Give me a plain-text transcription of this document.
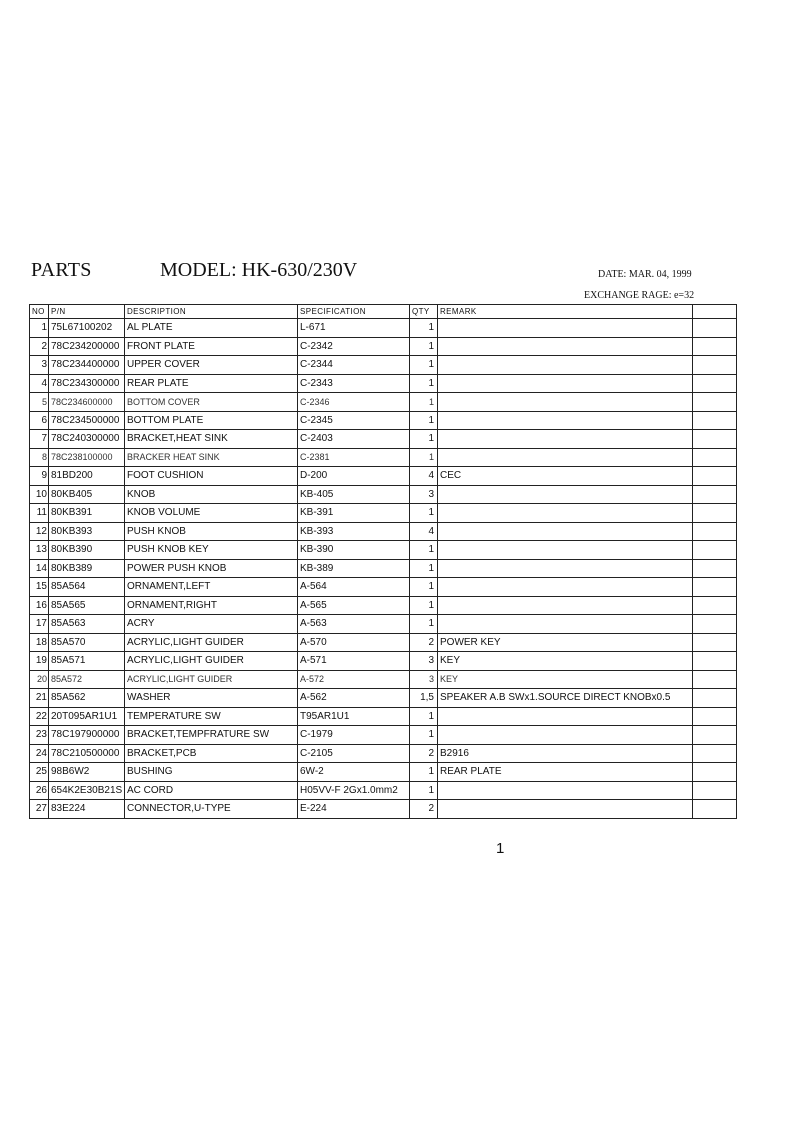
PARTS	MODEL: HK-630/230V	DATE: MAR. 04, 1999
EXCHANGE RAGE: e=32
NO	P/N	DESCRIPTION	SPECIFICATION	QTY	REMARK	
1	75L67100202	AL PLATE	L-671	1		
2	78C234200000	FRONT PLATE	C-2342	1		
3	78C234400000	UPPER COVER	C-2344	1		
4	78C234300000	REAR PLATE	C-2343	1		
5	78C234600000	BOTTOM COVER	C-2346	1		
6	78C234500000	BOTTOM PLATE	C-2345	1		
7	78C240300000	BRACKET,HEAT SINK	C-2403	1		
8	78C238100000	BRACKER HEAT SINK	C-2381	1		
9	81BD200	FOOT CUSHION	D-200	4	CEC	
10	80KB405	KNOB	KB-405	3		
11	80KB391	KNOB VOLUME	KB-391	1		
12	80KB393	PUSH KNOB	KB-393	4		
13	80KB390	PUSH KNOB KEY	KB-390	1		
14	80KB389	POWER PUSH KNOB	KB-389	1		
15	85A564	ORNAMENT,LEFT	A-564	1		
16	85A565	ORNAMENT,RIGHT	A-565	1		
17	85A563	ACRY	A-563	1		
18	85A570	ACRYLIC,LIGHT GUIDER	A-570	2	POWER KEY	
19	85A571	ACRYLIC,LIGHT GUIDER	A-571	3	KEY	
20	85A572	ACRYLIC,LIGHT GUIDER	A-572	3	KEY	
21	85A562	WASHER	A-562	1,5	SPEAKER A.B SWx1.SOURCE DIRECT KNOBx0.5	
22	20T095AR1U1	TEMPERATURE SW	T95AR1U1	1		
23	78C197900000	BRACKET,TEMPFRATURE SW	C-1979	1		
24	78C210500000	BRACKET,PCB	C-2105	2	B2916	
25	98B6W2	BUSHING	6W-2	1	REAR PLATE	
26	654K2E30B21S	AC CORD	H05VV-F 2Gx1.0mm2	1		
27	83E224	CONNECTOR,U-TYPE	E-224	2		
1
